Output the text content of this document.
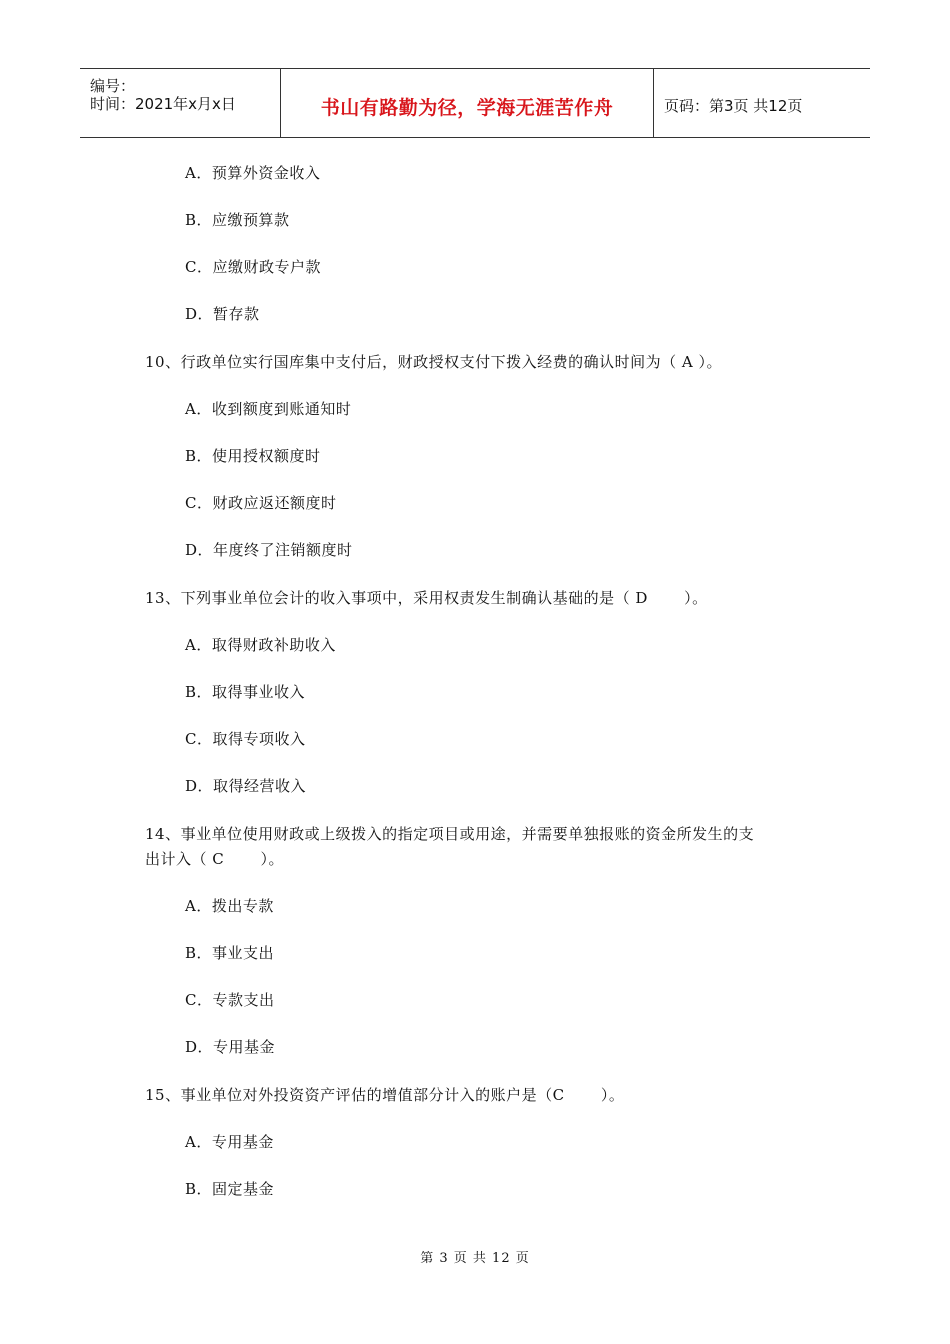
编号：
时间：2021年x月x日	书山有路勤为径，学海无涯苦作舟	页码：第3页 共12页
A．预算外资金收入
B．应缴预算款
C．应缴财政专户款
D．暂存款
10、行政单位实行国库集中支付后，财政授权支付下拨入经费的确认时间为（ A ）。
A．收到额度到账通知时
B．使用授权额度时
C．财政应返还额度时
D．年度终了注销额度时
13、下列事业单位会计的收入事项中，采用权责发生制确认基础的是（ D　　 ）。
A．取得财政补助收入
B．取得事业收入
C．取得专项收入
D．取得经营收入
14、事业单位使用财政或上级拨入的指定项目或用途，并需要单独报账的资金所发生的支
出计入（ C　　 ）。
A．拨出专款
B．事业支出
C．专款支出
D．专用基金
15、事业单位对外投资资产评估的增值部分计入的账户是（C　　 ）。
A．专用基金
B．固定基金
第 3 页 共 12 页
